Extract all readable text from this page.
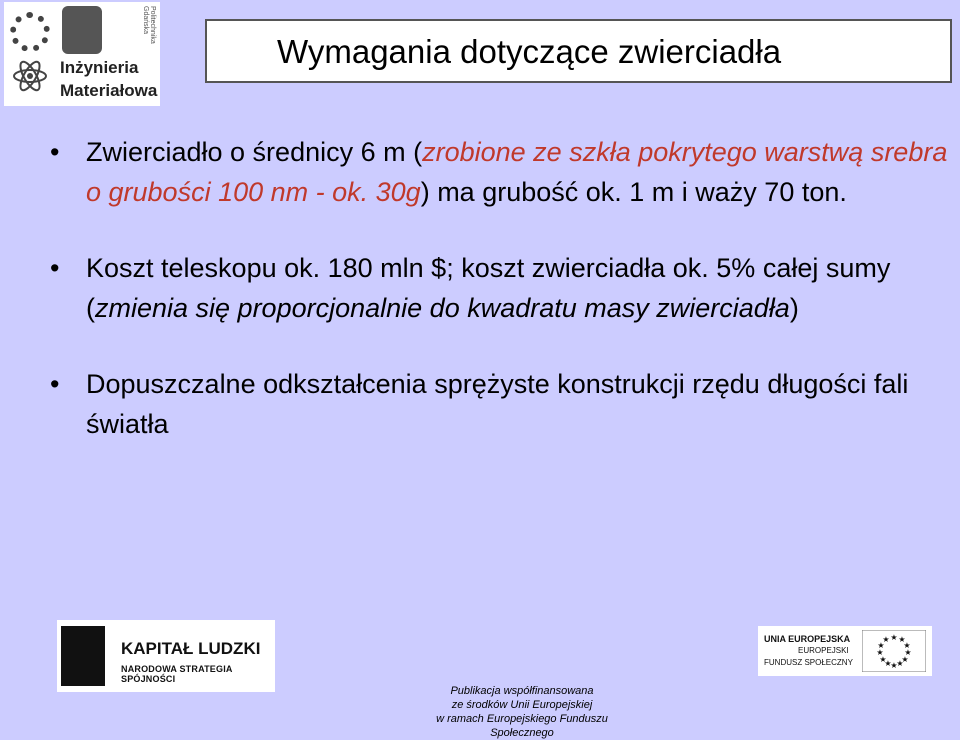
Politechnika Gdańska
Inżynieria
Materiałowa
Wymagania dotyczące zwierciadła
• Zwierciadło o średnicy 6 m (zrobione ze szkła pokrytego warstwą srebra o grubości 100 nm - ok. 30g) ma grubość ok. 1 m i waży 70 ton.
• Koszt teleskopu ok. 180 mln $; koszt zwierciadła ok. 5% całej sumy (zmienia się proporcjonalnie do kwadratu masy zwierciadła)
• Dopuszczalne odkształcenia sprężyste konstrukcji rzędu długości fali światła
KAPITAŁ LUDZKI
NARODOWA STRATEGIA SPÓJNOŚCI
Publikacja współfinansowana
ze środków Unii Europejskiej
w ramach Europejskiego Funduszu Społecznego
UNIA EUROPEJSKA
EUROPEJSKI
FUNDUSZ SPOŁECZNY
★ ★
★
★
★
★
★
★
★
★
★
★
